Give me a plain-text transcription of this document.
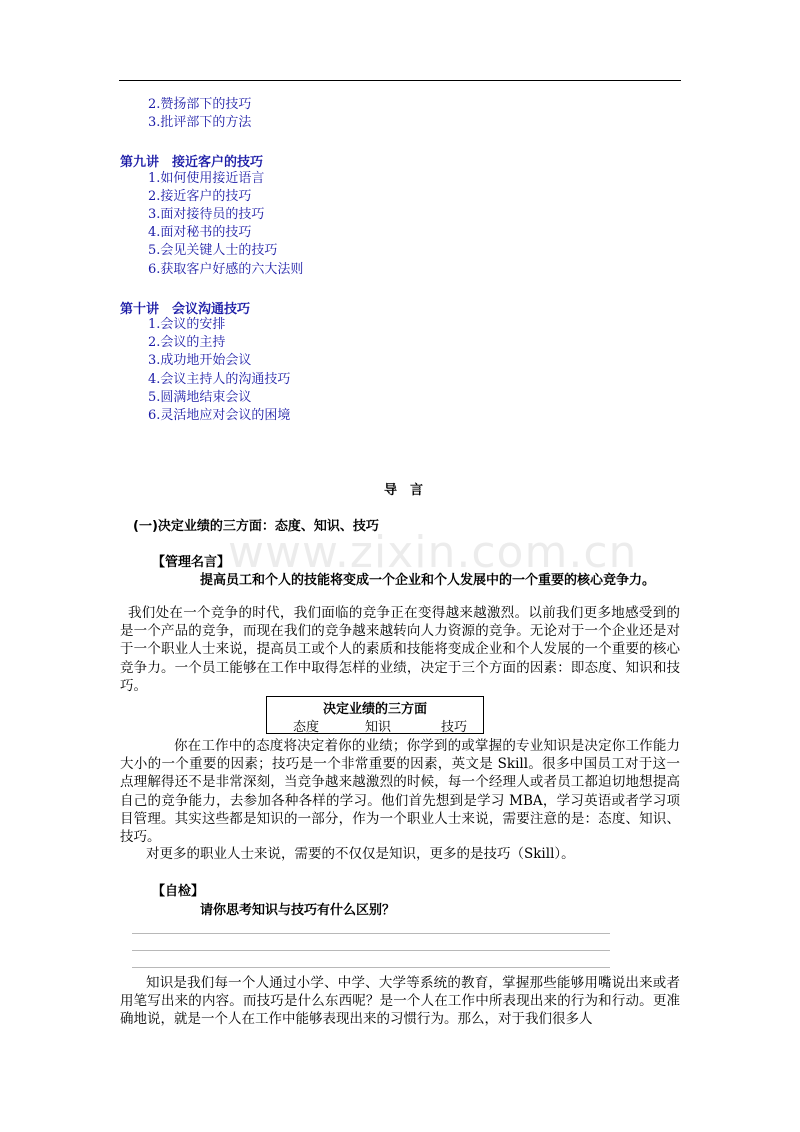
2.赞扬部下的技巧
3.批评部下的方法
第九讲　接近客户的技巧
1.如何使用接近语言
2.接近客户的技巧
3.面对接待员的技巧
4.面对秘书的技巧
5.会见关键人士的技巧
6.获取客户好感的六大法则
第十讲　会议沟通技巧
1.会议的安排
2.会议的主持
3.成功地开始会议
4.会议主持人的沟通技巧
5.圆满地结束会议
6.灵活地应对会议的困境
导　言
(一)决定业绩的三方面：态度、知识、技巧
www.zixin.com.cn
【管理名言】
提高员工和个人的技能将变成一个企业和个人发展中的一个重要的核心竞争力。
我们处在一个竞争的时代，我们面临的竞争正在变得越来越激烈。以前我们更多地感受到的是一个产品的竞争，而现在我们的竞争越来越转向人力资源的竞争。无论对于一个企业还是对于一个职业人士来说，提高员工或个人的素质和技能将变成企业和个人发展的一个重要的核心竞争力。一个员工能够在工作中取得怎样的业绩，决定于三个方面的因素：即态度、知识和技巧。
决定业绩的三方面
态度	知识	技巧
你在工作中的态度将决定着你的业绩；你学到的或掌握的专业知识是决定你工作能力大小的一个重要的因素；技巧是一个非常重要的因素，英文是 Skill。很多中国员工对于这一点理解得还不是非常深刻，当竞争越来越激烈的时候，每一个经理人或者员工都迫切地想提高自己的竞争能力，去参加各种各样的学习。他们首先想到是学习 MBA，学习英语或者学习项目管理。其实这些都是知识的一部分，作为一个职业人士来说，需要注意的是：态度、知识、技巧。
对更多的职业人士来说，需要的不仅仅是知识，更多的是技巧（Skill）。
【自检】
请你思考知识与技巧有什么区别？
知识是我们每一个人通过小学、中学、大学等系统的教育，掌握那些能够用嘴说出来或者用笔写出来的内容。而技巧是什么东西呢？是一个人在工作中所表现出来的行为和行动。更准确地说，就是一个人在工作中能够表现出来的习惯行为。那么，对于我们很多人
